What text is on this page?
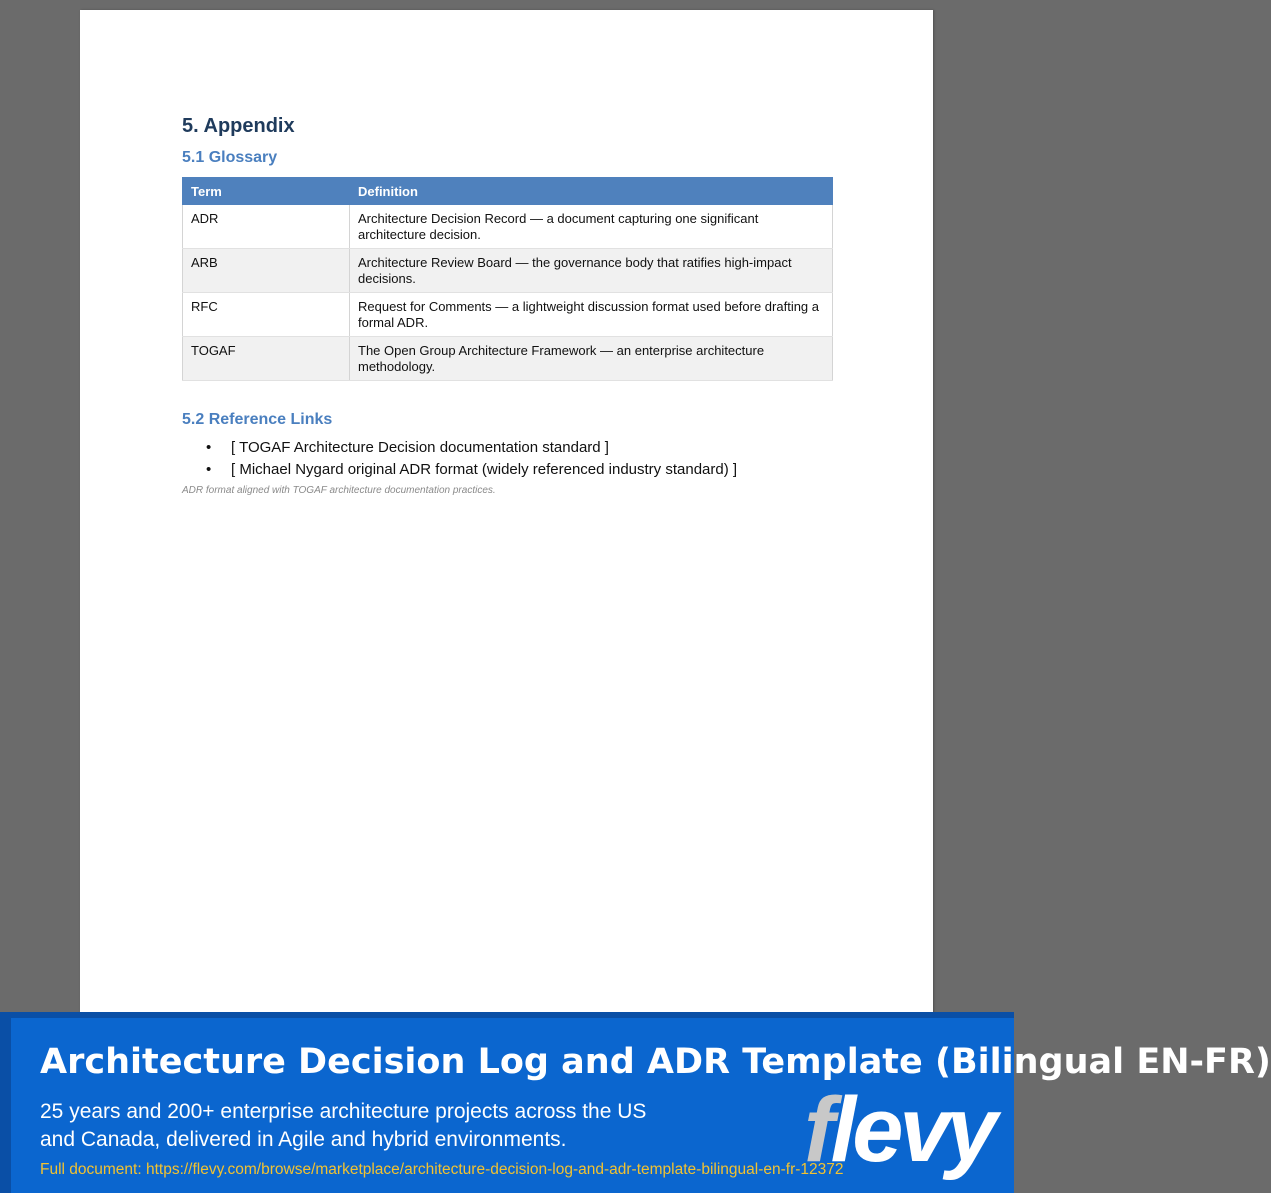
5. Appendix
5.1 Glossary
Term	Definition
ADR	Architecture Decision Record — a document capturing one significant architecture decision.
ARB	Architecture Review Board — the governance body that ratifies high-impact decisions.
RFC	Request for Comments — a lightweight discussion format used before drafting a formal ADR.
TOGAF	The Open Group Architecture Framework — an enterprise architecture methodology.
5.2 Reference Links
• [ TOGAF Architecture Decision documentation standard ]
• [ Michael Nygard original ADR format (widely referenced industry standard) ]
ADR format aligned with TOGAF architecture documentation practices.
Architecture Decision Log and ADR Template (Bilingual EN-FR)
25 years and 200+ enterprise architecture projects across the US and Canada, delivered in Agile and hybrid environments.
Full document: https://flevy.com/browse/marketplace/architecture-decision-log-and-adr-template-bilingual-en-fr-12372
flevy
